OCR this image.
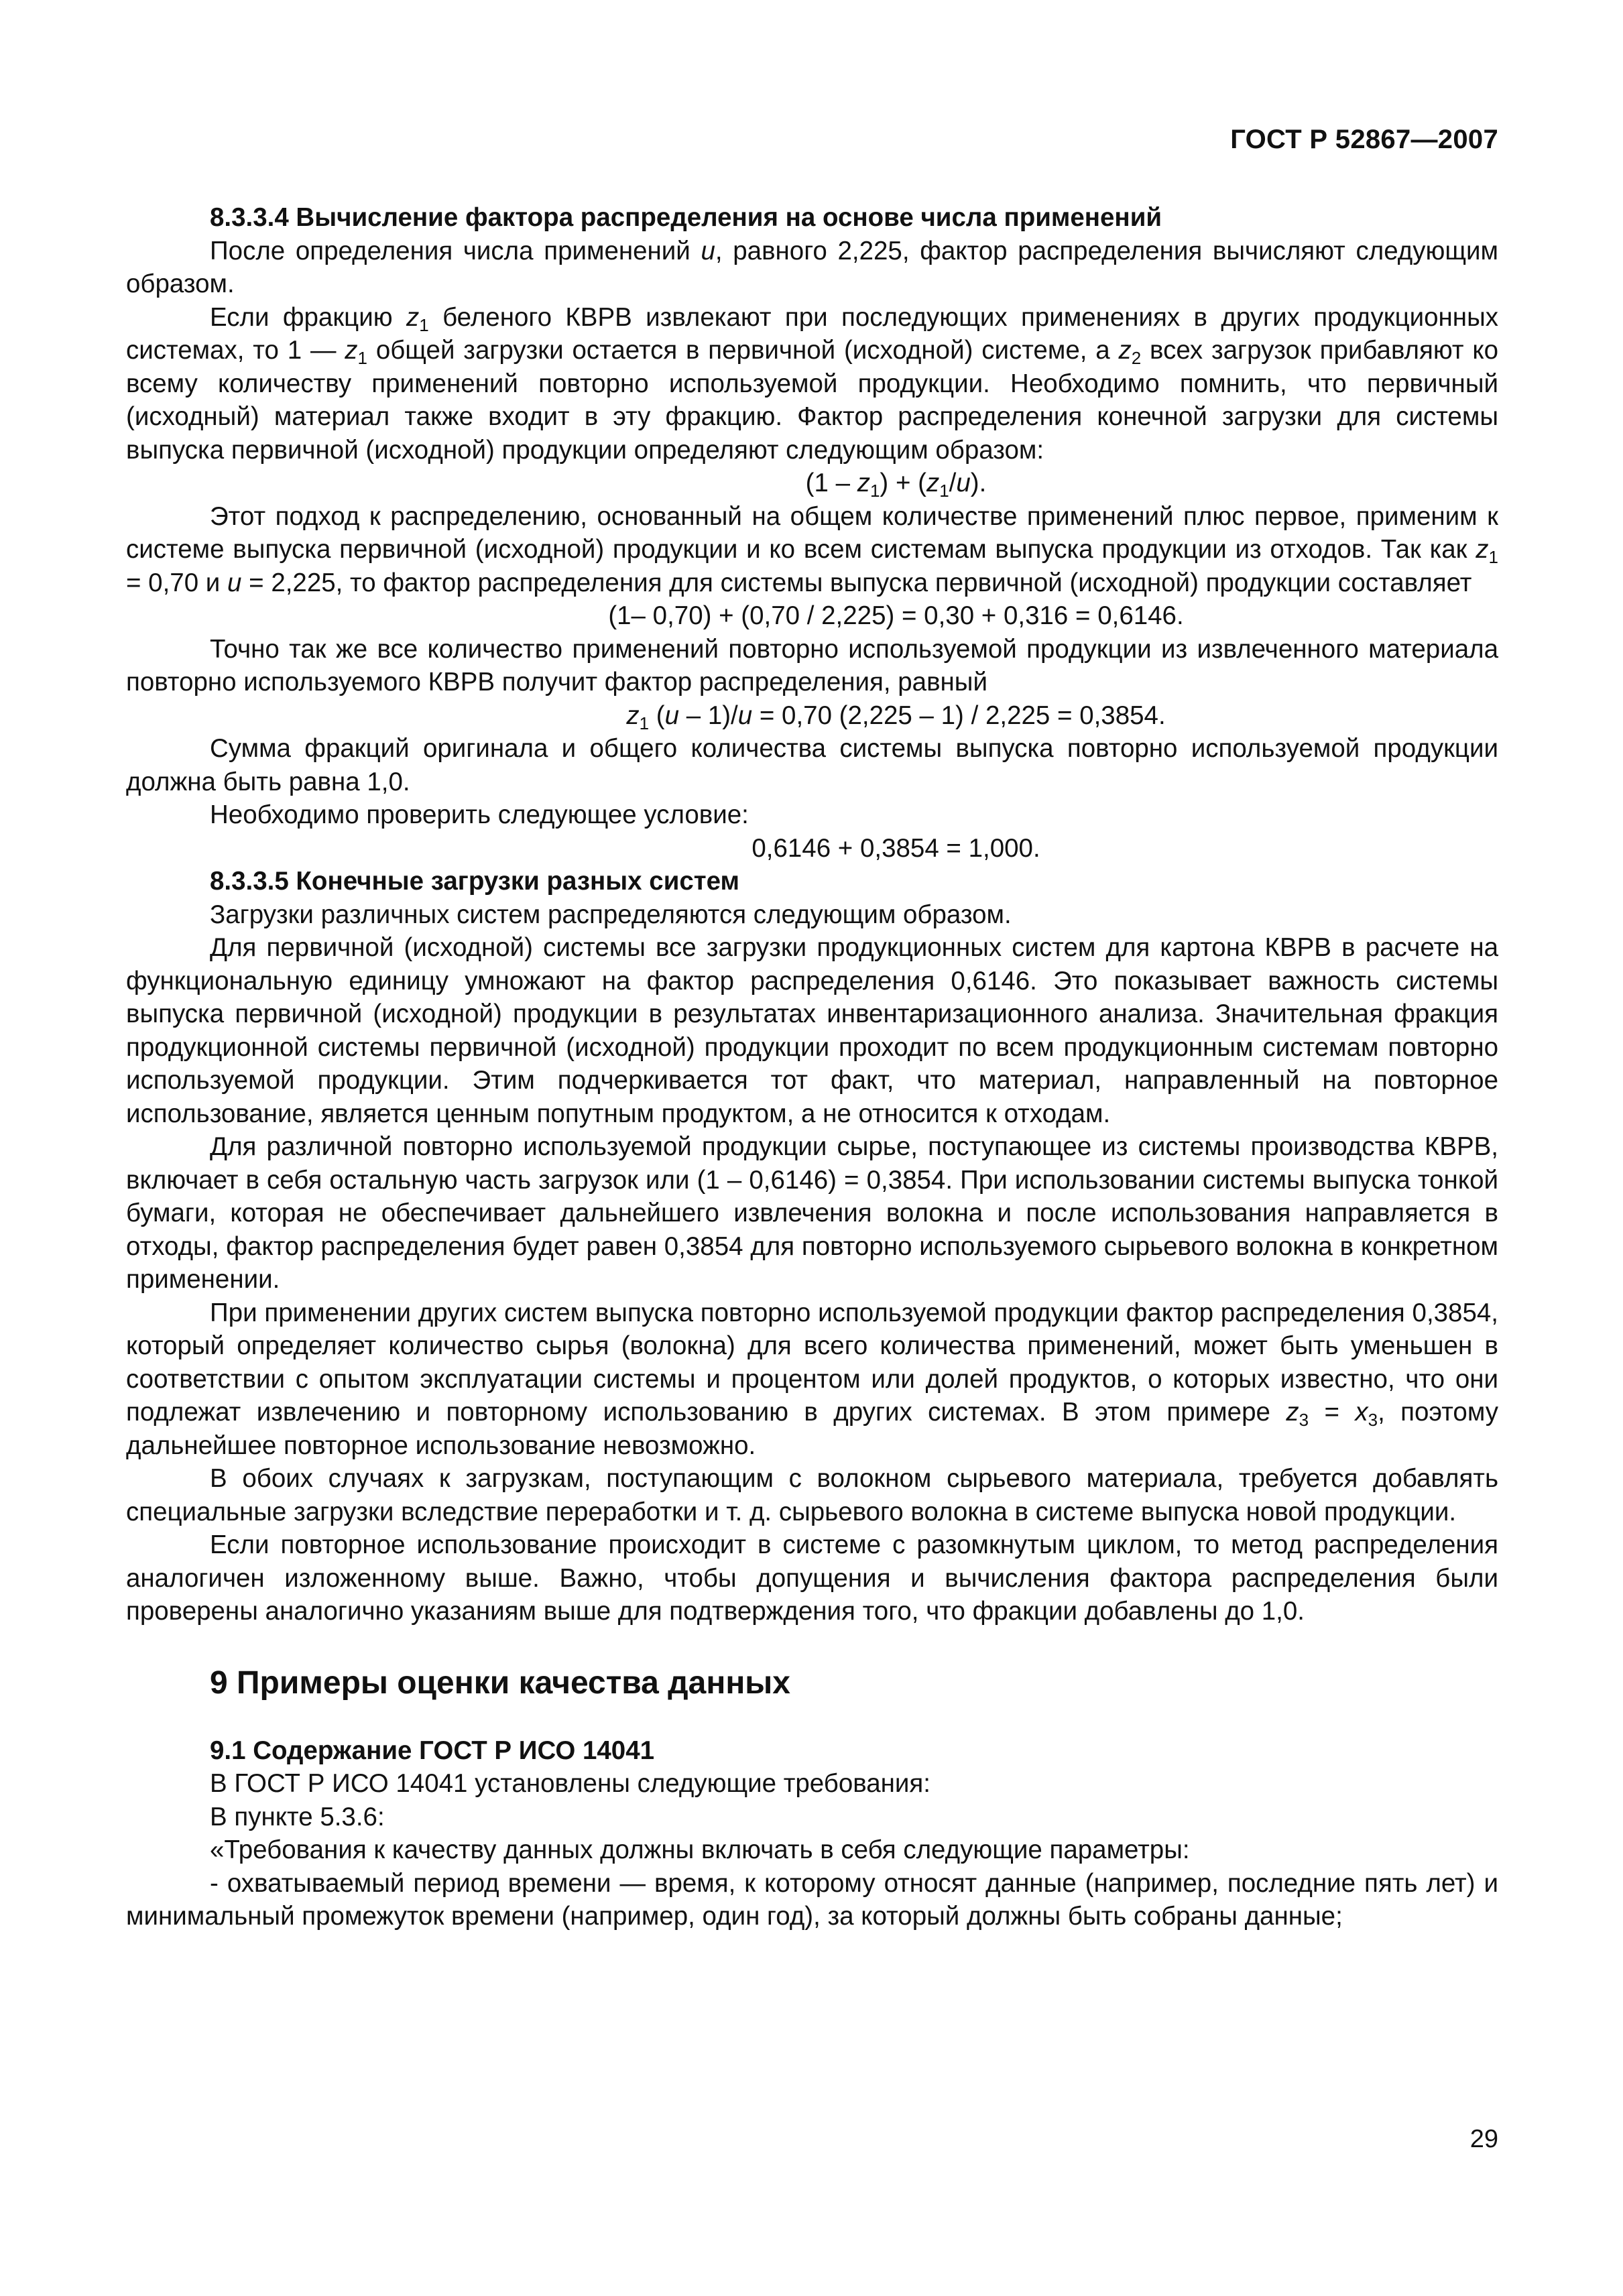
ГОСТ Р 52867—2007

8.3.3.4 Вычисление фактора распределения на основе числа применений

После определения числа применений u, равного 2,225, фактор распределения вычисляют следующим образом.

Если фракцию $z_1$ беленого КВРВ извлекают при последующих применениях в других продукционных системах, то 1 — $z_1$ общей загрузки остается в первичной (исходной) системе, а $z_2$ всех загрузок прибавляют ко всему количеству применений повторно используемой продукции. Необходимо помнить, что первичный (исходный) материал также входит в эту фракцию. Фактор распределения конечной загрузки для системы выпуска первичной (исходной) продукции определяют следующим образом:

$(1 - z_1) + (z_1/u)$.

Этот подход к распределению, основанный на общем количестве применений плюс первое, применим к системе выпуска первичной (исходной) продукции и ко всем системам выпуска продукции из отходов. Так как $z_1 = 0,70$ и u = 2,225, то фактор распределения для системы выпуска первичной (исходной) продукции составляет

(1– 0,70) + (0,70 / 2,225) = 0,30 + 0,316 = 0,6146.

Точно так же все количество применений повторно используемой продукции из извлеченного материала повторно используемого КВРВ получит фактор распределения, равный

$z_1$ (u – 1)/u = 0,70 (2,225 – 1) / 2,225 = 0,3854.

Сумма фракций оригинала и общего количества системы выпуска повторно используемой продукции должна быть равна 1,0.

Необходимо проверить следующее условие:

0,6146 + 0,3854 = 1,000.

8.3.3.5 Конечные загрузки разных систем

Загрузки различных систем распределяются следующим образом.

Для первичной (исходной) системы все загрузки продукционных систем для картона КВРВ в расчете на функциональную единицу умножают на фактор распределения 0,6146. Это показывает важность системы выпуска первичной (исходной) продукции в результатах инвентаризационного анализа. Значительная фракция продукционной системы первичной (исходной) продукции проходит по всем продукционным системам повторно используемой продукции. Этим подчеркивается тот факт, что материал, направленный на повторное использование, является ценным попутным продуктом, а не относится к отходам.

Для различной повторно используемой продукции сырье, поступающее из системы производства КВРВ, включает в себя остальную часть загрузок или (1 – 0,6146) = 0,3854. При использовании системы выпуска тонкой бумаги, которая не обеспечивает дальнейшего извлечения волокна и после использования направляется в отходы, фактор распределения будет равен 0,3854 для повторно используемого сырьевого волокна в конкретном применении.

При применении других систем выпуска повторно используемой продукции фактор распределения 0,3854, который определяет количество сырья (волокна) для всего количества применений, может быть уменьшен в соответствии с опытом эксплуатации системы и процентом или долей продуктов, о которых известно, что они подлежат извлечению и повторному использованию в других системах. В этом примере $z_3 = x_3$, поэтому дальнейшее повторное использование невозможно.

В обоих случаях к загрузкам, поступающим с волокном сырьевого материала, требуется добавлять специальные загрузки вследствие переработки и т. д. сырьевого волокна в системе выпуска новой продукции.

Если повторное использование происходит в системе с разомкнутым циклом, то метод распределения аналогичен изложенному выше. Важно, чтобы допущения и вычисления фактора распределения были проверены аналогично указаниям выше для подтверждения того, что фракции добавлены до 1,0.

9 Примеры оценки качества данных

9.1 Содержание ГОСТ Р ИСО 14041

В ГОСТ Р ИСО 14041 установлены следующие требования:

В пункте 5.3.6:

«Требования к качеству данных должны включать в себя следующие параметры:

- охватываемый период времени — время, к которому относят данные (например, последние пять лет) и минимальный промежуток времени (например, один год), за который должны быть собраны данные;

29
